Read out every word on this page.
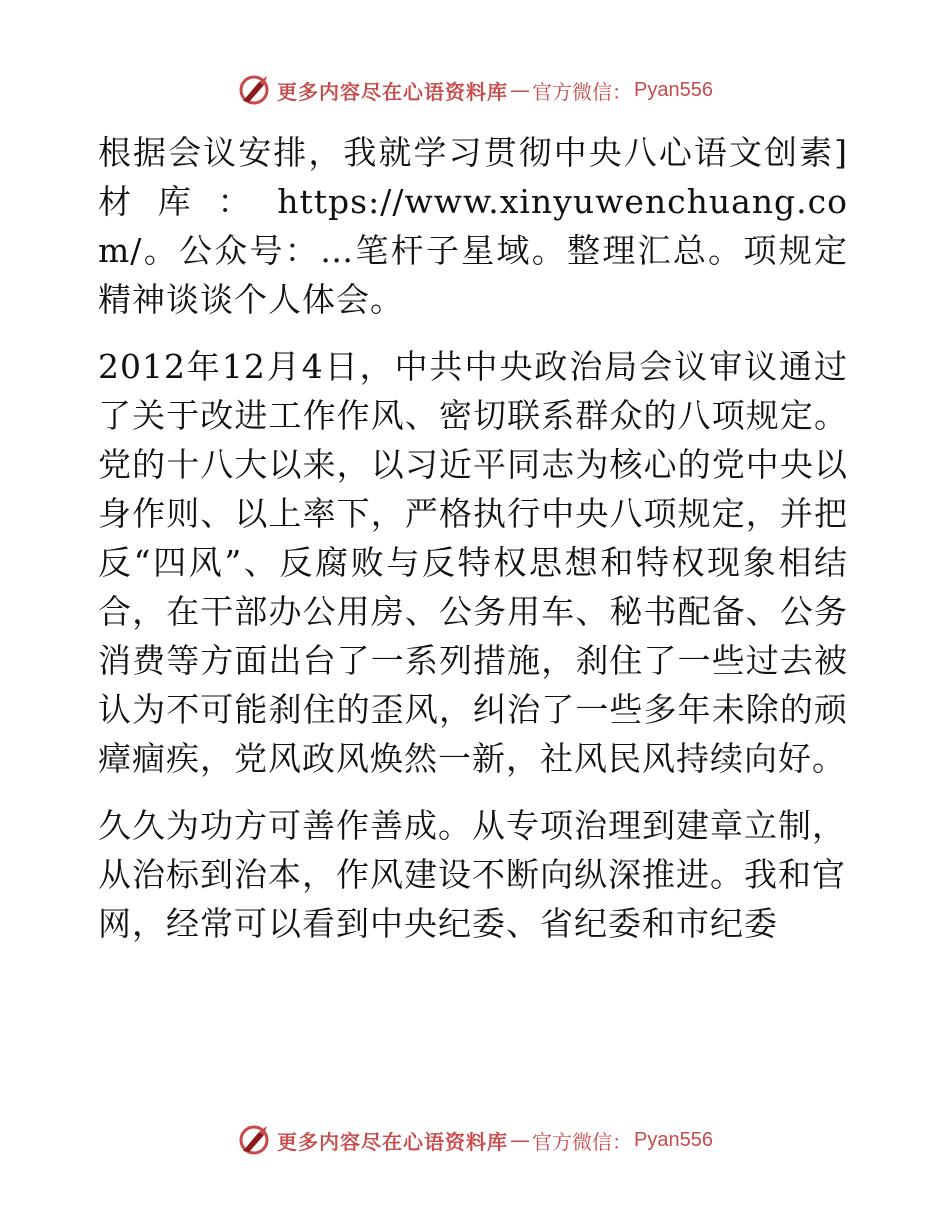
更多内容尽在心语资料库 — 官方微信： Pyan556

根据会议安排，我就学习贯彻中央八心语文创素]材库：https://www.xinyuwenchuang.com/。公众号：…笔杆子星域。整理汇总。项规定精神谈谈个人体会。

2012年12月4日，中共中央政治局会议审议通过了关于改进工作作风、密切联系群众的八项规定。党的十八大以来，以习近平同志为核心的党中央以身作则、以上率下，严格执行中央八项规定，并把反“四风”、反腐败与反特权思想和特权现象相结合，在干部办公用房、公务用车、秘书配备、公务消费等方面出台了一系列措施，刹住了一些过去被认为不可能刹住的歪风，纠治了一些多年未除的顽瘴痼疾，党风政风焕然一新，社风民风持续向好。

久久为功方可善作善成。从专项治理到建章立制，从治标到治本，作风建设不断向纵深推进。我和官网，经常可以看到中央纪委、省纪委和市纪委

更多内容尽在心语资料库 — 官方微信： Pyan556
